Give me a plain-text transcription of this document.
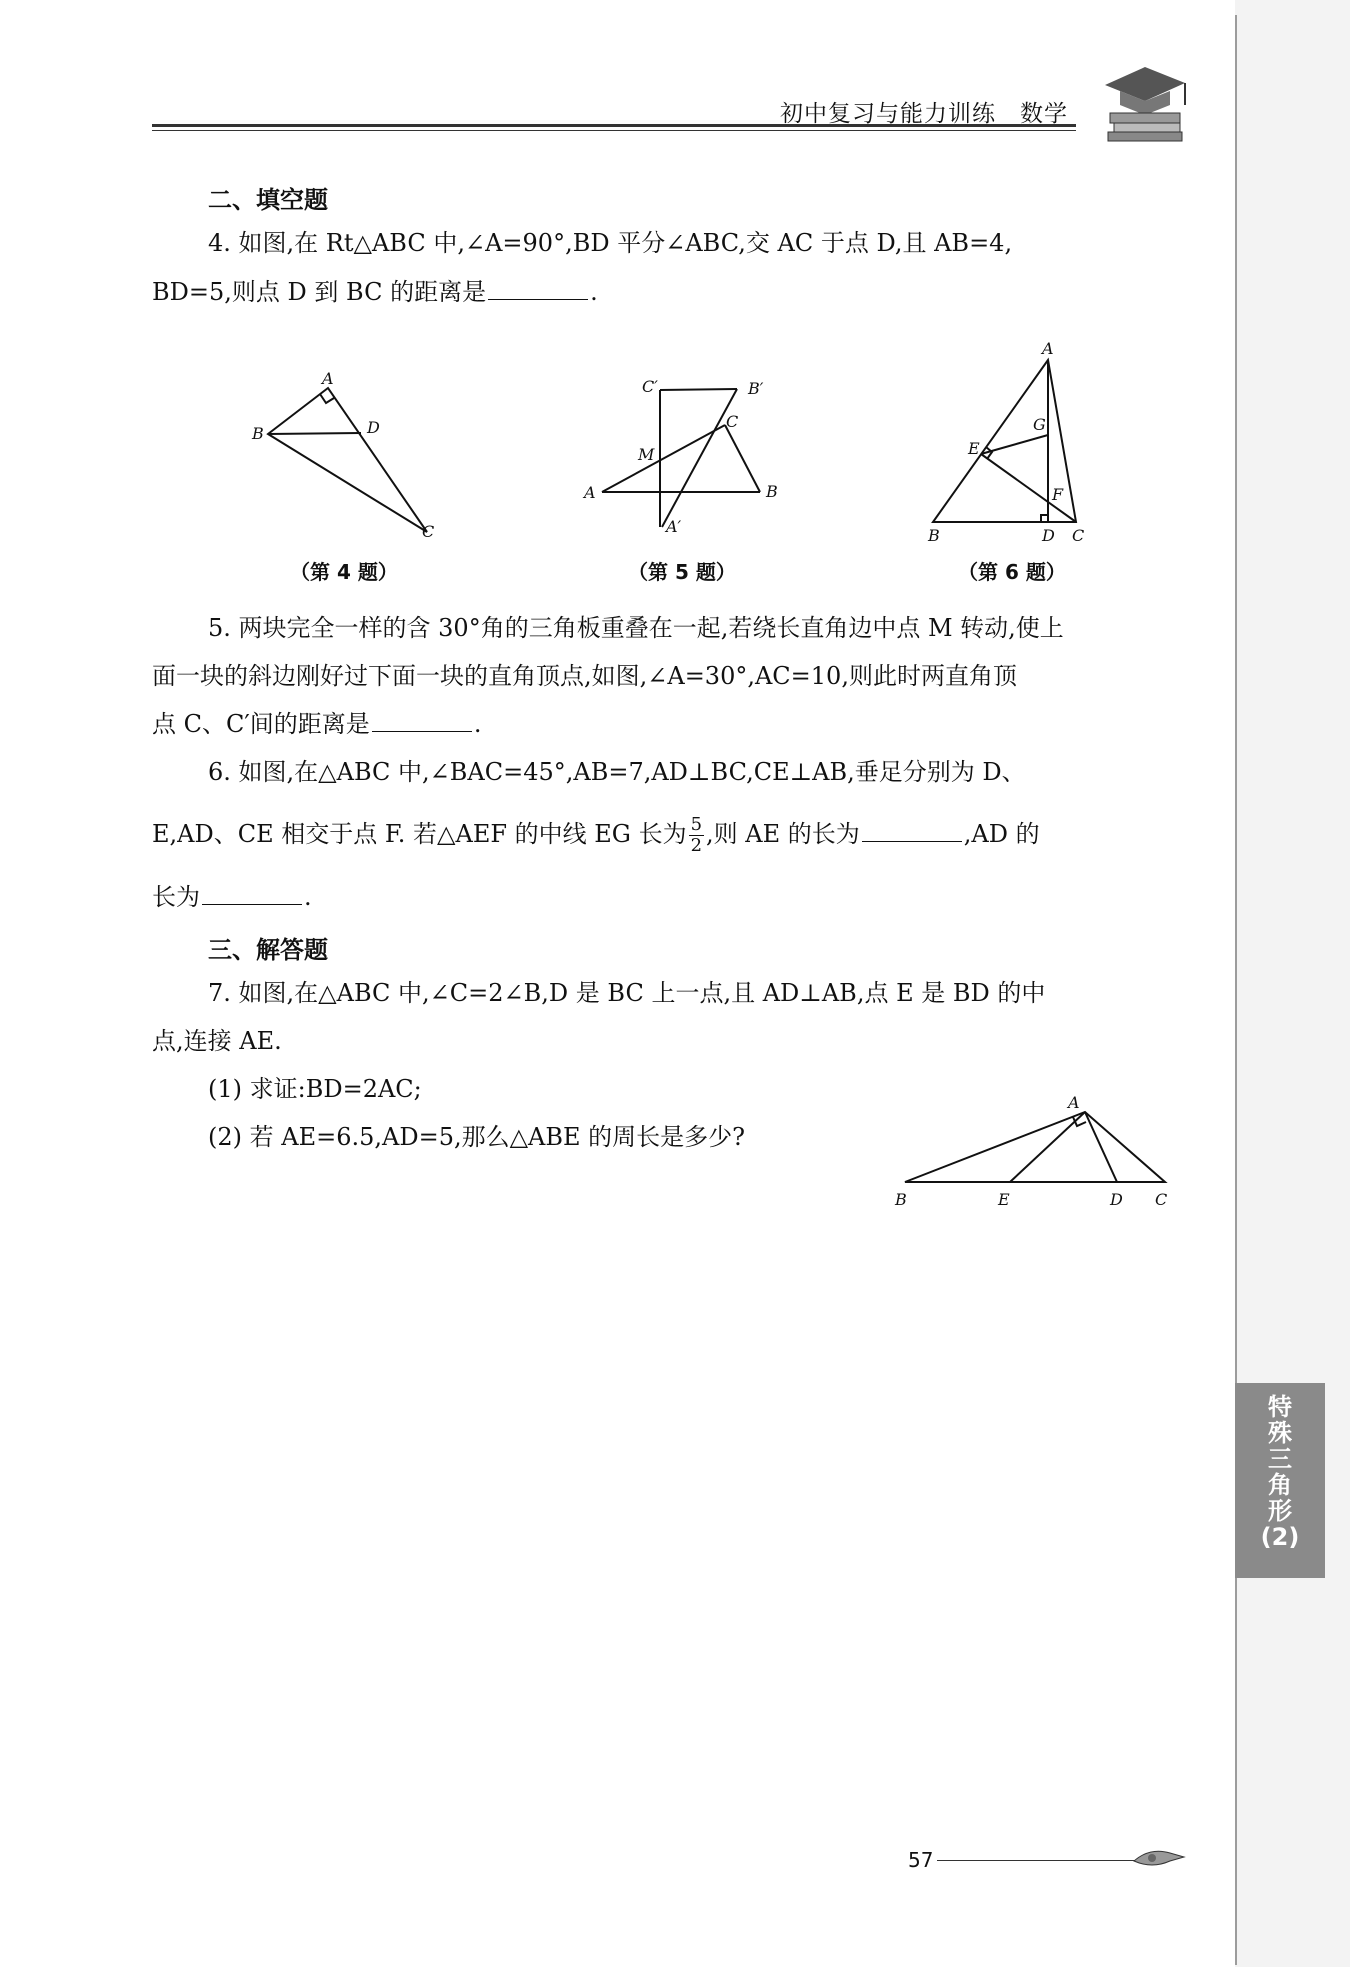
初中复习与能力训练　数学
二、填空题
4. 如图,在 Rt△ABC 中,∠A=90°,BD 平分∠ABC,交 AC 于点 D,且 AB=4,
BD=5,则点 D 到 BC 的距离是	.
A
B	D
C
（第 4 题）
C′	B′
C
M
A	B
A′
（第 5 题）
A
G
E
F
B	D C
（第 6 题）
5. 两块完全一样的含 30°角的三角板重叠在一起,若绕长直角边中点 M 转动,使上
面一块的斜边刚好过下面一块的直角顶点,如图,∠A=30°,AC=10,则此时两直角顶
点 C、C′间的距离是	.
6. 如图,在△ABC 中,∠BAC=45°,AB=7,AD⊥BC,CE⊥AB,垂足分别为 D、
E,AD、CE 相交于点 F. 若△AEF 的中线 EG 长为 $\frac{5}{2}$ ,则 AE 的长为	,AD 的
长为	.
三、解答题
7. 如图,在△ABC 中,∠C=2∠B,D 是 BC 上一点,且 AD⊥AB,点 E 是 BD 的中
点,连接 AE.
(1) 求证:BD=2AC;
(2) 若 AE=6.5,AD=5,那么△ABE 的周长是多少?
A
B	E	D C
特
殊
三
角
形
(2)
57
